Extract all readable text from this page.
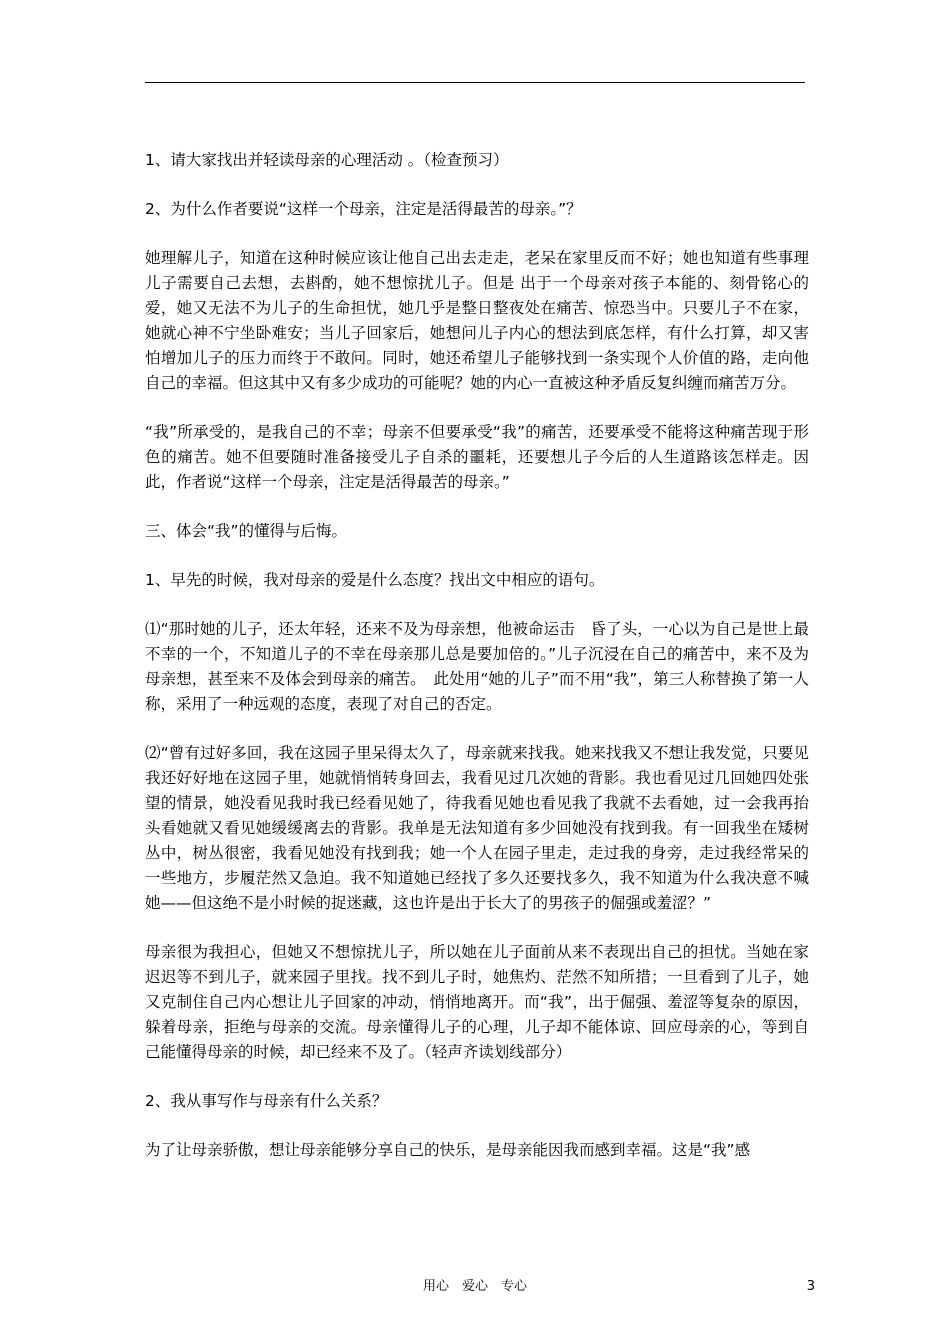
1、请大家找出并轻读母亲的心理活动 。（检查预习）

2、为什么作者要说“这样一个母亲，注定是活得最苦的母亲。”？

她理解儿子，知道在这种时候应该让他自己出去走走，老呆在家里反而不好；她也知道有些事理 儿子需要自己去想，去斟酌，她不想惊扰儿子。但是 出于一个母亲对孩子本能的、刻骨铭心的爱，她又无法不为儿子的生命担忧，她几乎是整日整夜处在痛苦、惊恐当中。只要儿子不在家，她就心神不宁坐卧难安；当儿子回家后，她想问儿子内心的想法到底怎样，有什么打算，却又害怕增加儿子的压力而终于不敢问。同时，她还希望儿子能够找到一条实现个人价值的路，走向他自己的幸福。但这其中又有多少成功的可能呢？她的内心一直被这种矛盾反复纠缠而痛苦万分。

“我”所承受的，是我自己的不幸；母亲不但要承受“我”的痛苦，还要承受不能将这种痛苦现于形色的痛苦。她不但要随时准备接受儿子自杀的噩耗，还要想儿子今后的人生道路该怎样走。因此，作者说“这样一个母亲，注定是活得最苦的母亲。”

三、体会“我”的懂得与后悔。

1、早先的时候，我对母亲的爱是什么态度？找出文中相应的语句。

⑴“那时她的儿子，还太年轻，还来不及为母亲想，他被命运击　昏了头，一心以为自己是世上最不幸的一个，不知道儿子的不幸在母亲那儿总是要加倍的。”儿子沉浸在自己的痛苦中，来不及为母亲想，甚至来不及体会到母亲的痛苦。　此处用“她的儿子”而不用“我”，第三人称替换了第一人称，采用了一种远观的态度，表现了对自己的否定。

⑵“曾有过好多回，我在这园子里呆得太久了，母亲就来找我。她来找我又不想让我发觉，只要见我还好好地在这园子里，她就悄悄转身回去，我看见过几次她的背影。我也看见过几回她四处张望的情景，她没看见我时我已经看见她了，待我看见她也看见我了我就不去看她，过一会我再抬头看她就又看见她缓缓离去的背影。我单是无法知道有多少回她没有找到我。有一回我坐在矮树丛中，树丛很密，我看见她没有找到我；她一个人在园子里走，走过我的身旁，走过我经常呆的一些地方，步履茫然又急迫。我不知道她已经找了多久还要找多久，我不知道为什么我决意不喊她——但这绝不是小时候的捉迷藏，这也许是出于长大了的男孩子的倔强或羞涩？”

母亲很为我担心，但她又不想惊扰儿子，所以她在儿子面前从来不表现出自己的担忧。当她在家迟迟等不到儿子，就来园子里找。找不到儿子时，她焦灼、茫然不知所措；一旦看到了儿子，她又克制住自己内心想让儿子回家的冲动，悄悄地离开。而“我”，出于倔强、羞涩等复杂的原因，躲着母亲，拒绝与母亲的交流。母亲懂得儿子的心理，儿子却不能体谅、回应母亲的心，等到自己能懂得母亲的时候，却已经来不及了。（轻声齐读划线部分）

2、我从事写作与母亲有什么关系？

为了让母亲骄傲，想让母亲能够分享自己的快乐，是母亲能因我而感到幸福。这是“我”感

用心　爱心　专心	3
